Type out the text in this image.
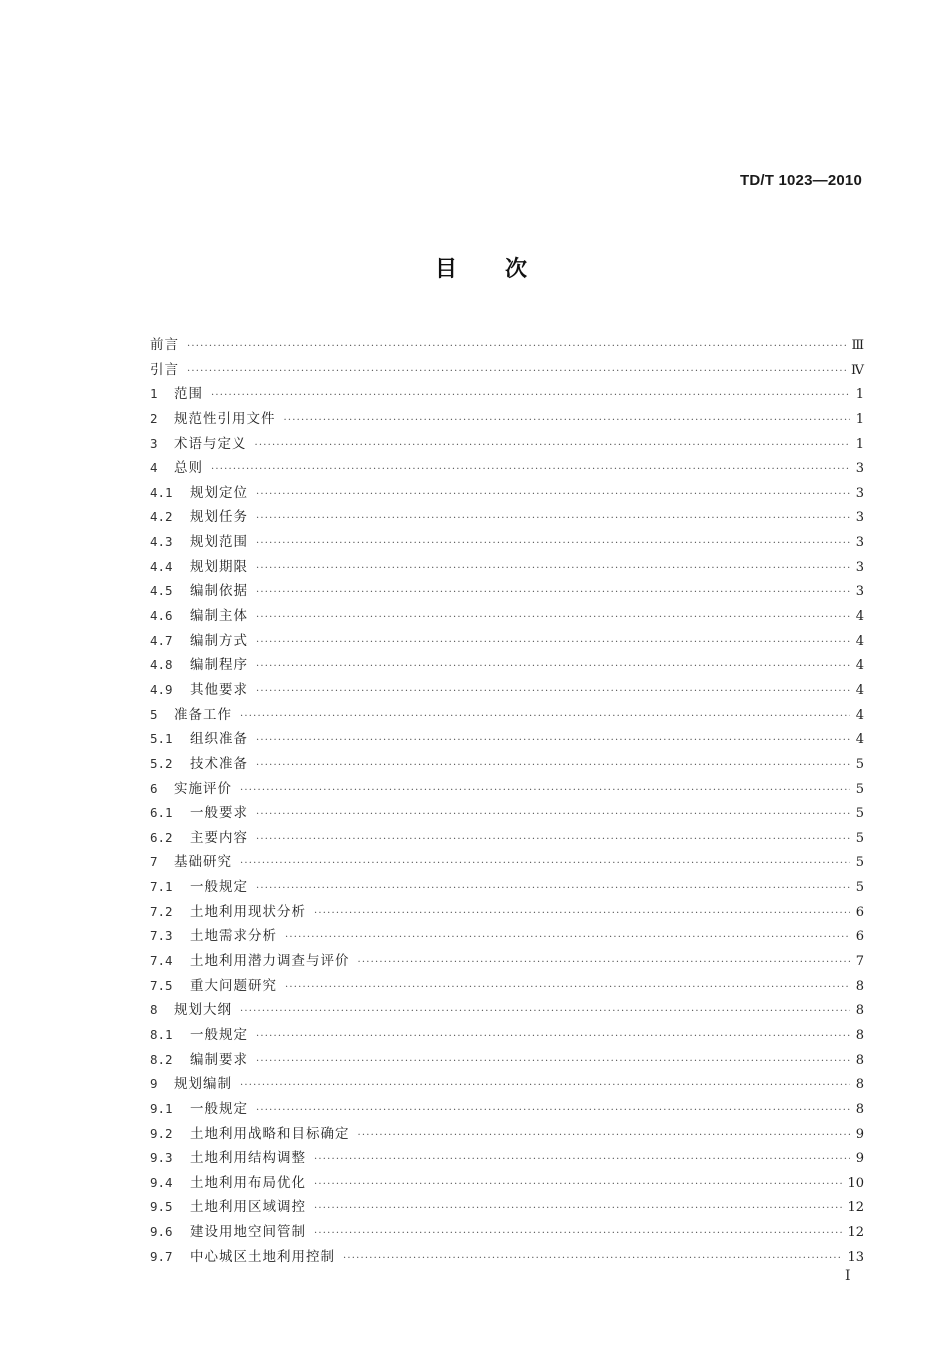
TD/T 1023—2010
目次
前言 ·····	Ⅲ
引言 ·····	Ⅳ
1	范围 ·····	1
2	规范性引用文件 ·····	1
3	术语与定义 ·····	1
4	总则 ·····	3
4.1	规划定位 ·····	3
4.2	规划任务 ·····	3
4.3	规划范围 ·····	3
4.4	规划期限 ·····	3
4.5	编制依据 ·····	3
4.6	编制主体 ·····	4
4.7	编制方式 ·····	4
4.8	编制程序 ·····	4
4.9	其他要求 ·····	4
5	准备工作 ·····	4
5.1	组织准备 ·····	4
5.2	技术准备 ·····	5
6	实施评价 ·····	5
6.1	一般要求 ·····	5
6.2	主要内容 ·····	5
7	基础研究 ·····	5
7.1	一般规定 ·····	5
7.2	土地利用现状分析 ·····	6
7.3	土地需求分析 ·····	6
7.4	土地利用潜力调查与评价 ·····	7
7.5	重大问题研究 ·····	8
8	规划大纲 ·····	8
8.1	一般规定 ·····	8
8.2	编制要求 ·····	8
9	规划编制 ·····	8
9.1	一般规定 ·····	8
9.2	土地利用战略和目标确定 ·····	9
9.3	土地利用结构调整 ·····	9
9.4	土地利用布局优化 ·····	10
9.5	土地利用区域调控 ·····	12
9.6	建设用地空间管制 ·····	12
9.7	中心城区土地利用控制 ·····	13
Ⅰ
